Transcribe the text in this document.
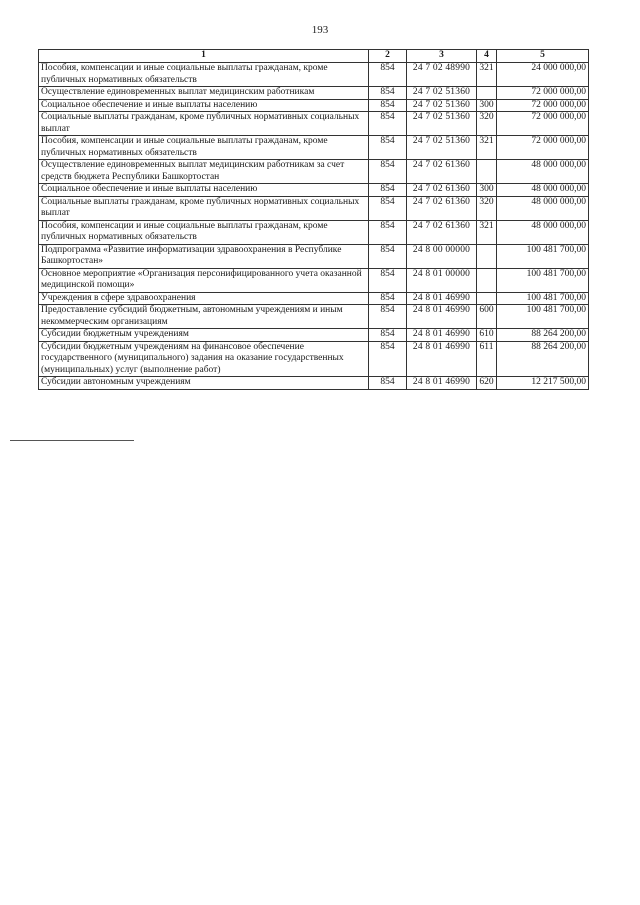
193
1	2	3	4	5
Пособия, компенсации и иные социальные выплаты гражданам, кроме публичных нормативных обязательств	854	24 7 02 48990	321	24 000 000,00
Осуществление единовременных выплат медицинским работникам	854	24 7 02 51360		72 000 000,00
Социальное обеспечение и иные выплаты населению	854	24 7 02 51360	300	72 000 000,00
Социальные выплаты гражданам, кроме публичных нормативных социальных выплат	854	24 7 02 51360	320	72 000 000,00
Пособия, компенсации и иные социальные выплаты гражданам, кроме публичных нормативных обязательств	854	24 7 02 51360	321	72 000 000,00
Осуществление единовременных выплат медицинским работникам за счет средств бюджета Республики Башкортостан	854	24 7 02 61360		48 000 000,00
Социальное обеспечение и иные выплаты населению	854	24 7 02 61360	300	48 000 000,00
Социальные выплаты гражданам, кроме публичных нормативных социальных выплат	854	24 7 02 61360	320	48 000 000,00
Пособия, компенсации и иные социальные выплаты гражданам, кроме публичных нормативных обязательств	854	24 7 02 61360	321	48 000 000,00
Подпрограмма «Развитие информатизации здравоохранения в Республике Башкортостан»	854	24 8 00 00000		100 481 700,00
Основное мероприятие «Организация персонифицированного учета оказанной медицинской помощи»	854	24 8 01 00000		100 481 700,00
Учреждения в сфере здравоохранения	854	24 8 01 46990		100 481 700,00
Предоставление субсидий бюджетным, автономным учреждениям и иным некоммерческим организациям	854	24 8 01 46990	600	100 481 700,00
Субсидии бюджетным учреждениям	854	24 8 01 46990	610	88 264 200,00
Субсидии бюджетным учреждениям на финансовое обеспечение государственного (муниципального) задания на оказание государственных (муниципальных) услуг (выполнение работ)	854	24 8 01 46990	611	88 264 200,00
Субсидии автономным учреждениям	854	24 8 01 46990	620	12 217 500,00
